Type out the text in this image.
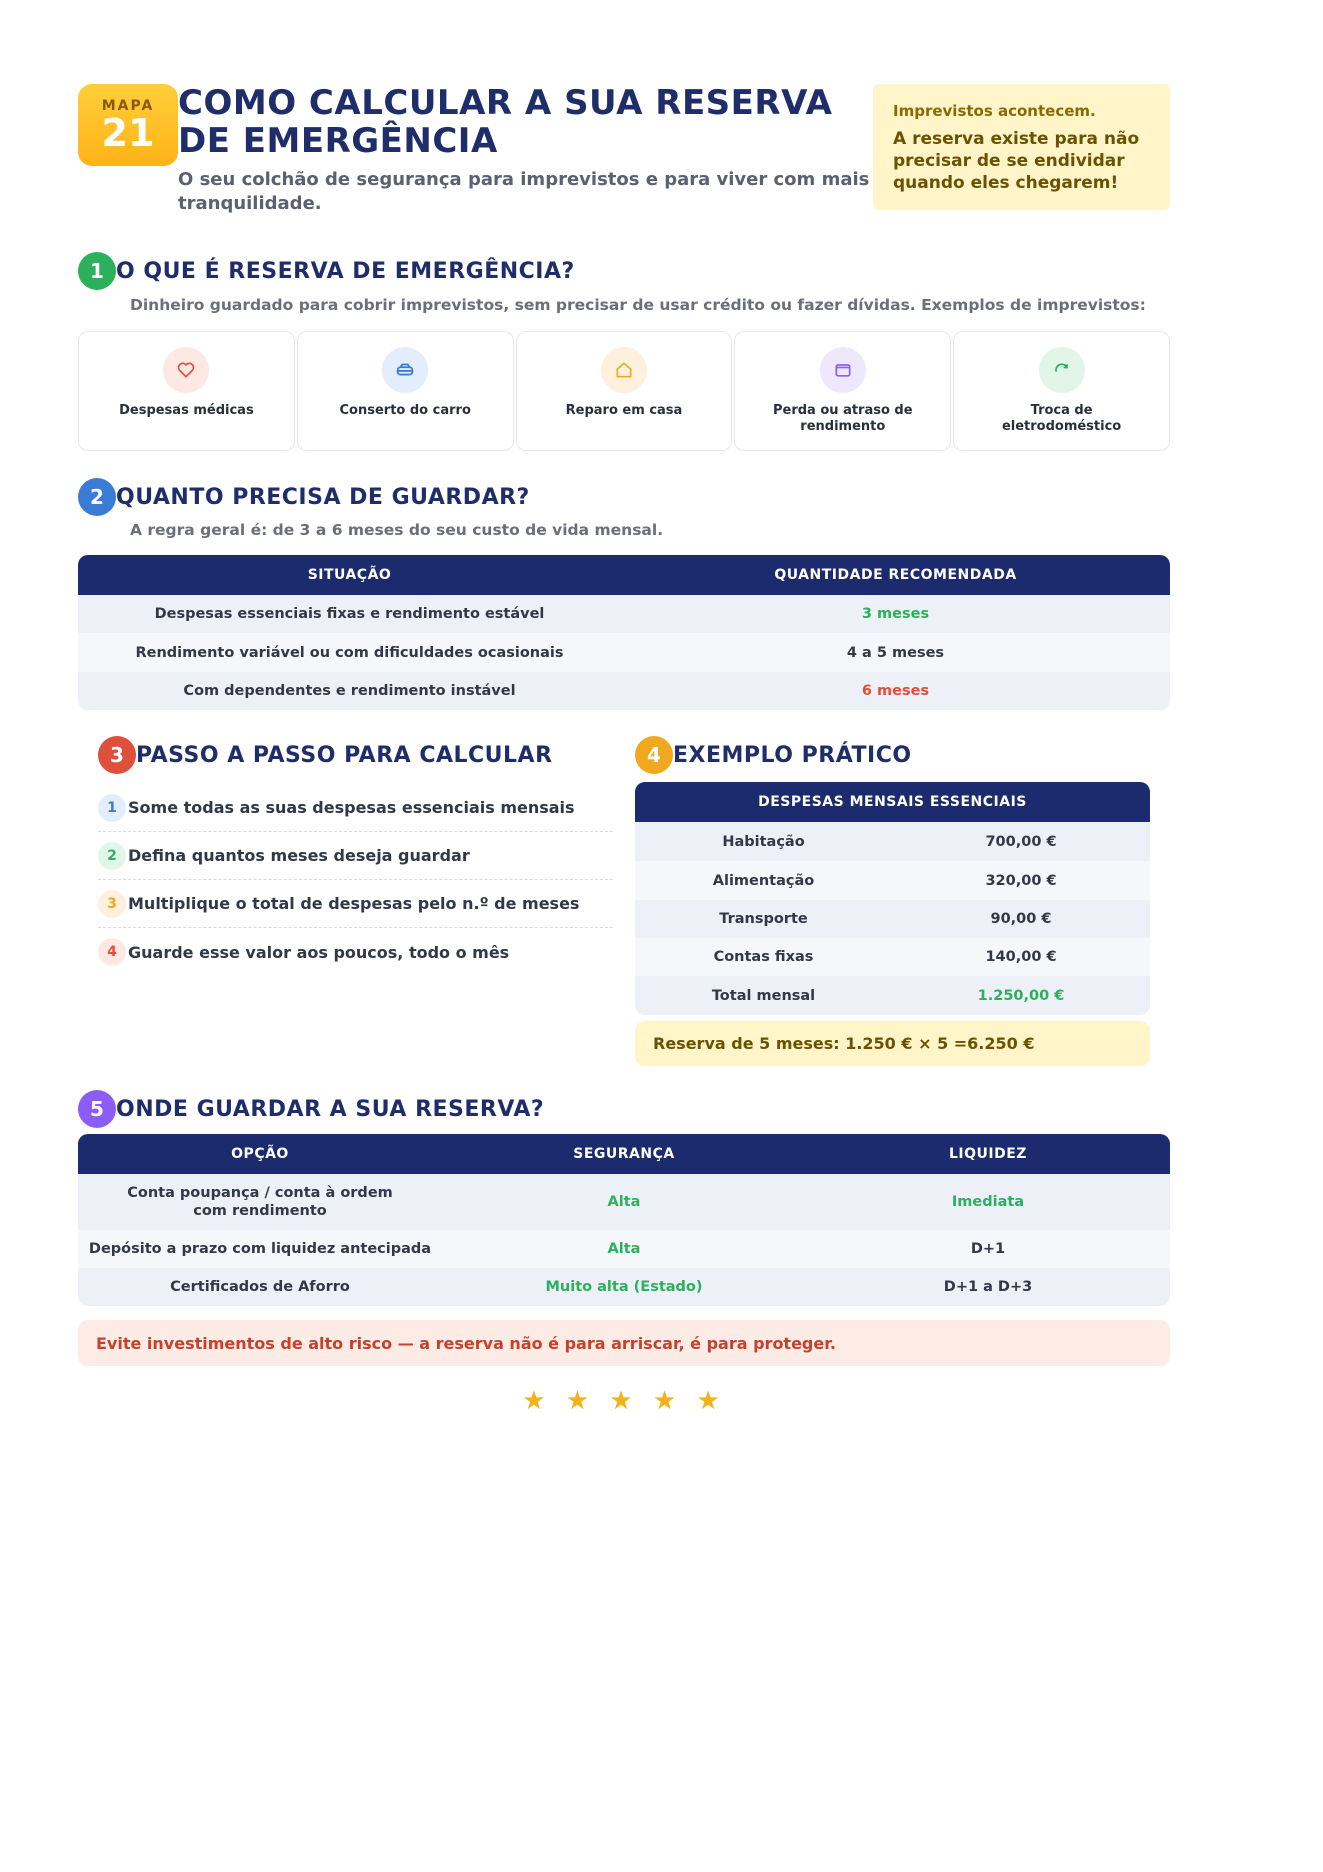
MAPA
21
COMO CALCULAR A SUA RESERVA DE EMERGÊNCIA

O seu colchão de segurança para imprevistos e para viver com mais tranquilidade.

Imprevistos acontecem.
A reserva existe para não precisar de se endividar quando eles chegarem!
1 O QUE É RESERVA DE EMERGÊNCIA?
Dinheiro guardado para cobrir imprevistos, sem precisar de usar crédito ou fazer dívidas. Exemplos de imprevistos:
Despesas médicas	Conserto do carro	Reparo em casa	Perda ou atraso de rendimento
Troca de eletrodoméstico
2 QUANTO PRECISA DE GUARDAR?
A regra geral é: de 3 a 6 meses do seu custo de vida mensal.
SITUAÇÃO	QUANTIDADE RECOMENDADA
Despesas essenciais fixas e rendimento estável	3 meses
Rendimento variável ou com dificuldades ocasionais	4 a 5 meses
Com dependentes e rendimento instável	6 meses
3 PASSO A PASSO PARA CALCULAR
1 Some todas as suas despesas essenciais mensais
2 Defina quantos meses deseja guardar
3 Multiplique o total de despesas pelo n.º de meses
4 Guarde esse valor aos poucos, todo o mês
4 EXEMPLO PRÁTICO
DESPESAS MENSAIS ESSENCIAIS	
Habitação	700,00 €
Alimentação	320,00 €
Transporte	90,00 €
Contas fixas	140,00 €
Total mensal	1.250,00 €
Reserva de 5 meses: 1.250 € × 5 =6.250 €
5 ONDE GUARDAR A SUA RESERVA?
OPÇÃO	SEGURANÇA	LIQUIDEZ
Conta poupança / conta à ordem com rendimento	Alta	Imediata
Depósito a prazo com liquidez antecipada	Alta	D+1
Certificados de Aforro	Muito alta (Estado)	D+1 a D+3
Evite investimentos de alto risco — a reserva não é para arriscar, é para proteger.
★ ★ ★ ★ ★
